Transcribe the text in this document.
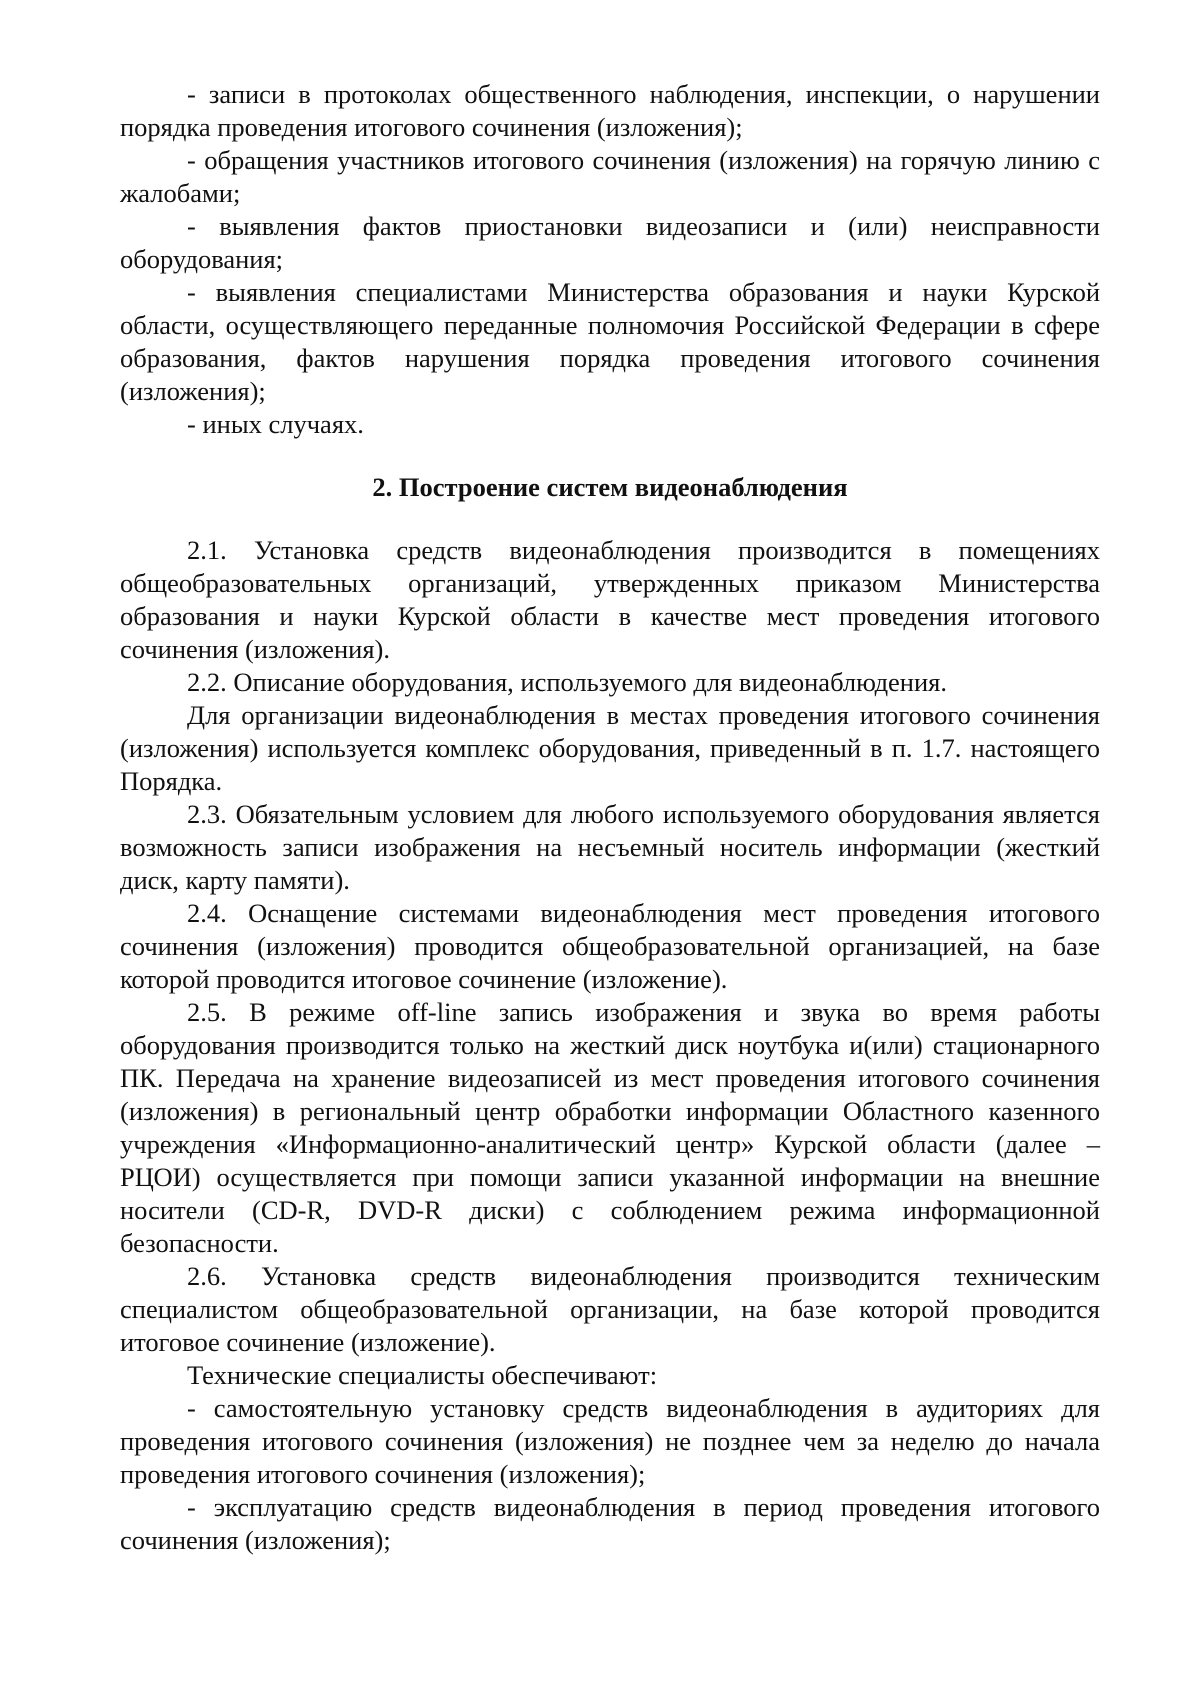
- записи в протоколах общественного наблюдения, инспекции, о нарушении порядка проведения итогового сочинения (изложения);

- обращения участников итогового сочинения (изложения) на горячую линию с жалобами;

- выявления фактов приостановки видеозаписи и (или) неисправности оборудования;

- выявления специалистами Министерства образования и науки Курской области, осуществляющего переданные полномочия Российской Федерации в сфере образования, фактов нарушения порядка проведения итогового сочинения (изложения);

- иных случаях.

2. Построение систем видеонаблюдения

2.1. Установка средств видеонаблюдения производится в помещениях общеобразовательных организаций, утвержденных приказом Министерства образования и науки Курской области в качестве мест проведения итогового сочинения (изложения).

2.2. Описание оборудования, используемого для видеонаблюдения.

Для организации видеонаблюдения в местах проведения итогового сочинения (изложения) используется комплекс оборудования, приведенный в п. 1.7. настоящего Порядка.

2.3. Обязательным условием для любого используемого оборудования является возможность записи изображения на несъемный носитель информации (жесткий диск, карту памяти).

2.4. Оснащение системами видеонаблюдения мест проведения итогового сочинения (изложения) проводится общеобразовательной организацией, на базе которой проводится итоговое сочинение (изложение).

2.5. В режиме off-line запись изображения и звука во время работы оборудования производится только на жесткий диск ноутбука и(или) стационарного ПК. Передача на хранение видеозаписей из мест проведения итогового сочинения (изложения) в региональный центр обработки информации Областного казенного учреждения «Информационно-аналитический центр» Курской области (далее – РЦОИ) осуществляется при помощи записи указанной информации на внешние носители (CD-R, DVD-R диски) с соблюдением режима информационной безопасности.

2.6. Установка средств видеонаблюдения производится техническим специалистом общеобразовательной организации, на базе которой проводится итоговое сочинение (изложение).

Технические специалисты обеспечивают:

- самостоятельную установку средств видеонаблюдения в аудиториях для проведения итогового сочинения (изложения) не позднее чем за неделю до начала проведения итогового сочинения (изложения);

- эксплуатацию средств видеонаблюдения в период проведения итогового сочинения (изложения);
